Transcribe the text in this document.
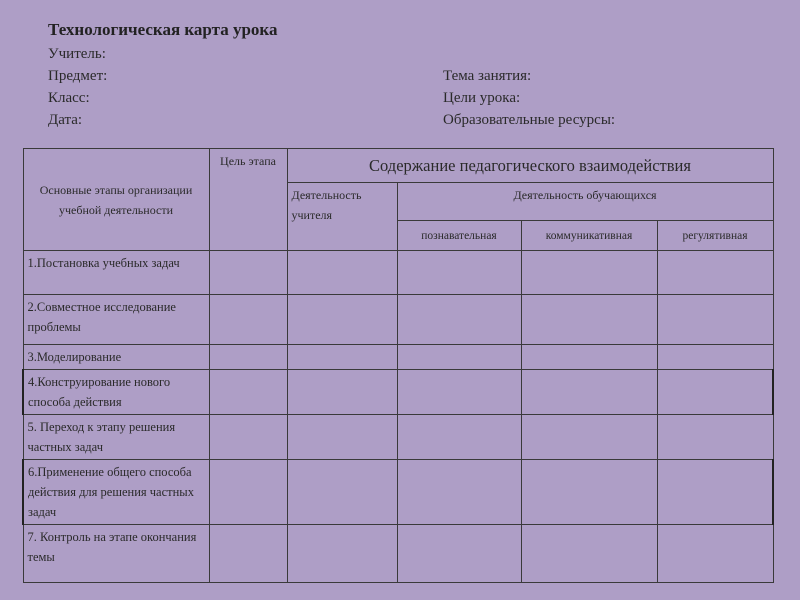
Технологическая карта урока
Учитель:
Предмет:
Класс:
Дата:
Тема занятия:
Цели урока:
Образовательные ресурсы:
Основные этапы организации учебной деятельности	Цель этапа	Содержание педагогического взаимодействия			
		Деятельность учителя	Деятельность обучающихся		
			познавательная	коммуникативная	регулятивная
1.Постановка учебных задач					
2.Совместное исследование проблемы					
3.Моделирование					
4.Конструирование нового способа действия					
5. Переход к этапу решения частных задач					
6.Применение общего способа действия для решения частных задач					
7. Контроль на этапе окончания темы					
